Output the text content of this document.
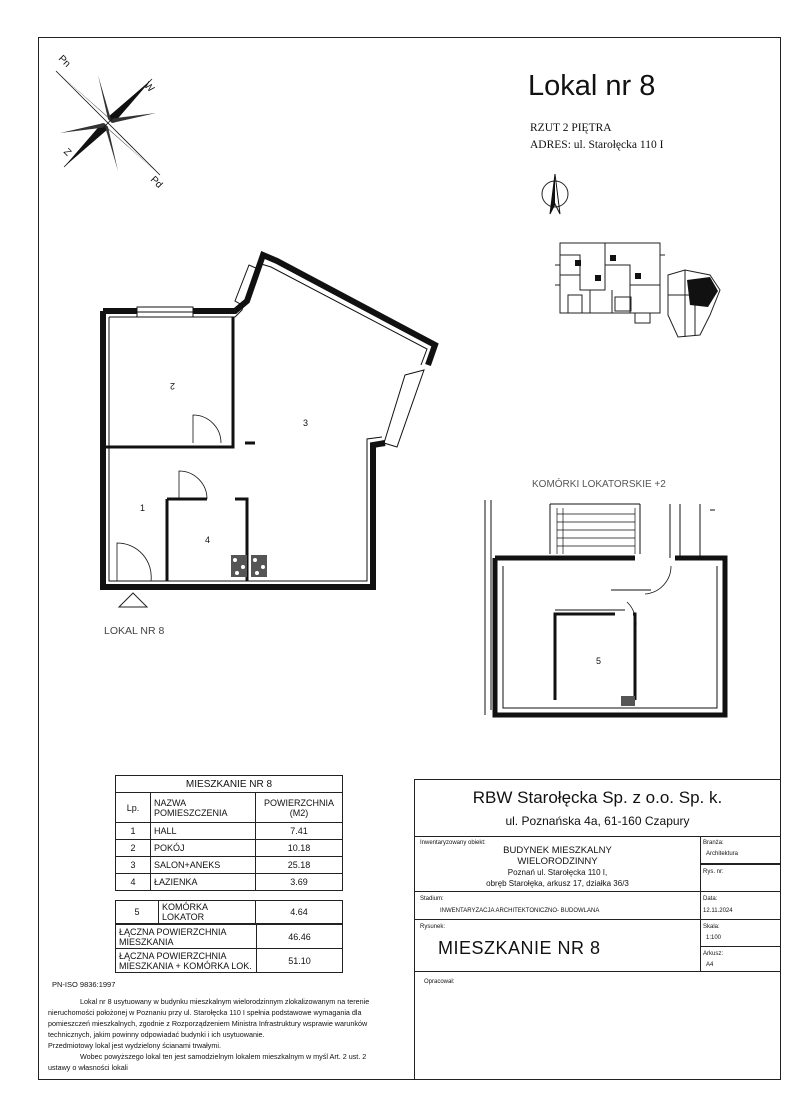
Lokal nr 8
RZUT 2 PIĘTRA
ADRES: ul. Starołęcka 110 I
Pn
W
Z
Pd
2
3
1
4
LOKAL NR 8
KOMÓRKI LOKATORSKIE +2
5
MIESZKANIE NR 8		
Lp.	NAZWA POMIESZCZENIA	POWIERZCHNIA (M2)
1	HALL	7.41
2	POKÓJ	10.18
3	SALON+ANEKS	25.18
4	ŁAZIENKA	3.69
5	KOMÓRKA LOKATOR	4.64
ŁĄCZNA POWIERZCHNIA MIESZKANIA	46.46
ŁĄCZNA POWIERZCHNIA MIESZKANIA + KOMÓRKA LOK.	51.10
PN-ISO 9836:1997
Lokal nr 8 usytuowany w budynku mieszkalnym wielorodzinnym zlokalizowanym na terenie
nieruchomości położonej w Poznaniu przy ul. Starołęcka 110 I spełnia podstawowe wymagania dla
pomieszczeń mieszkalnych, zgodnie z Rozporządzeniem Ministra Infrastruktury wsprawie warunków
technicznych, jakim powinny odpowiadać budynki i ich usytuowanie.
Przedmiotowy lokal jest wydzielony ścianami trwałymi.
Wobec powyższego lokal ten jest samodzielnym lokalem mieszkalnym w myśl Art. 2 ust. 2
ustawy o własności lokali
RBW Starołęcka Sp. z o.o. Sp. k.
ul. Poznańska 4a, 61-160 Czapury
Inwentaryzowany obiekt:
BUDYNEK MIESZKALNY
WIELORODZINNY
Poznań ul. Starołęcka 110 I,
obręb Starołęka, arkusz 17, działka 36/3
Branża:
Architektura
Rys. nr:
Stadium:
INWENTARYZACJA ARCHITEKTONICZNO- BUDOWLANA
Data:
12.11.2024
Rysunek:
MIESZKANIE NR 8
Skala:
1:100
Arkusz:
A4
Opracował:
